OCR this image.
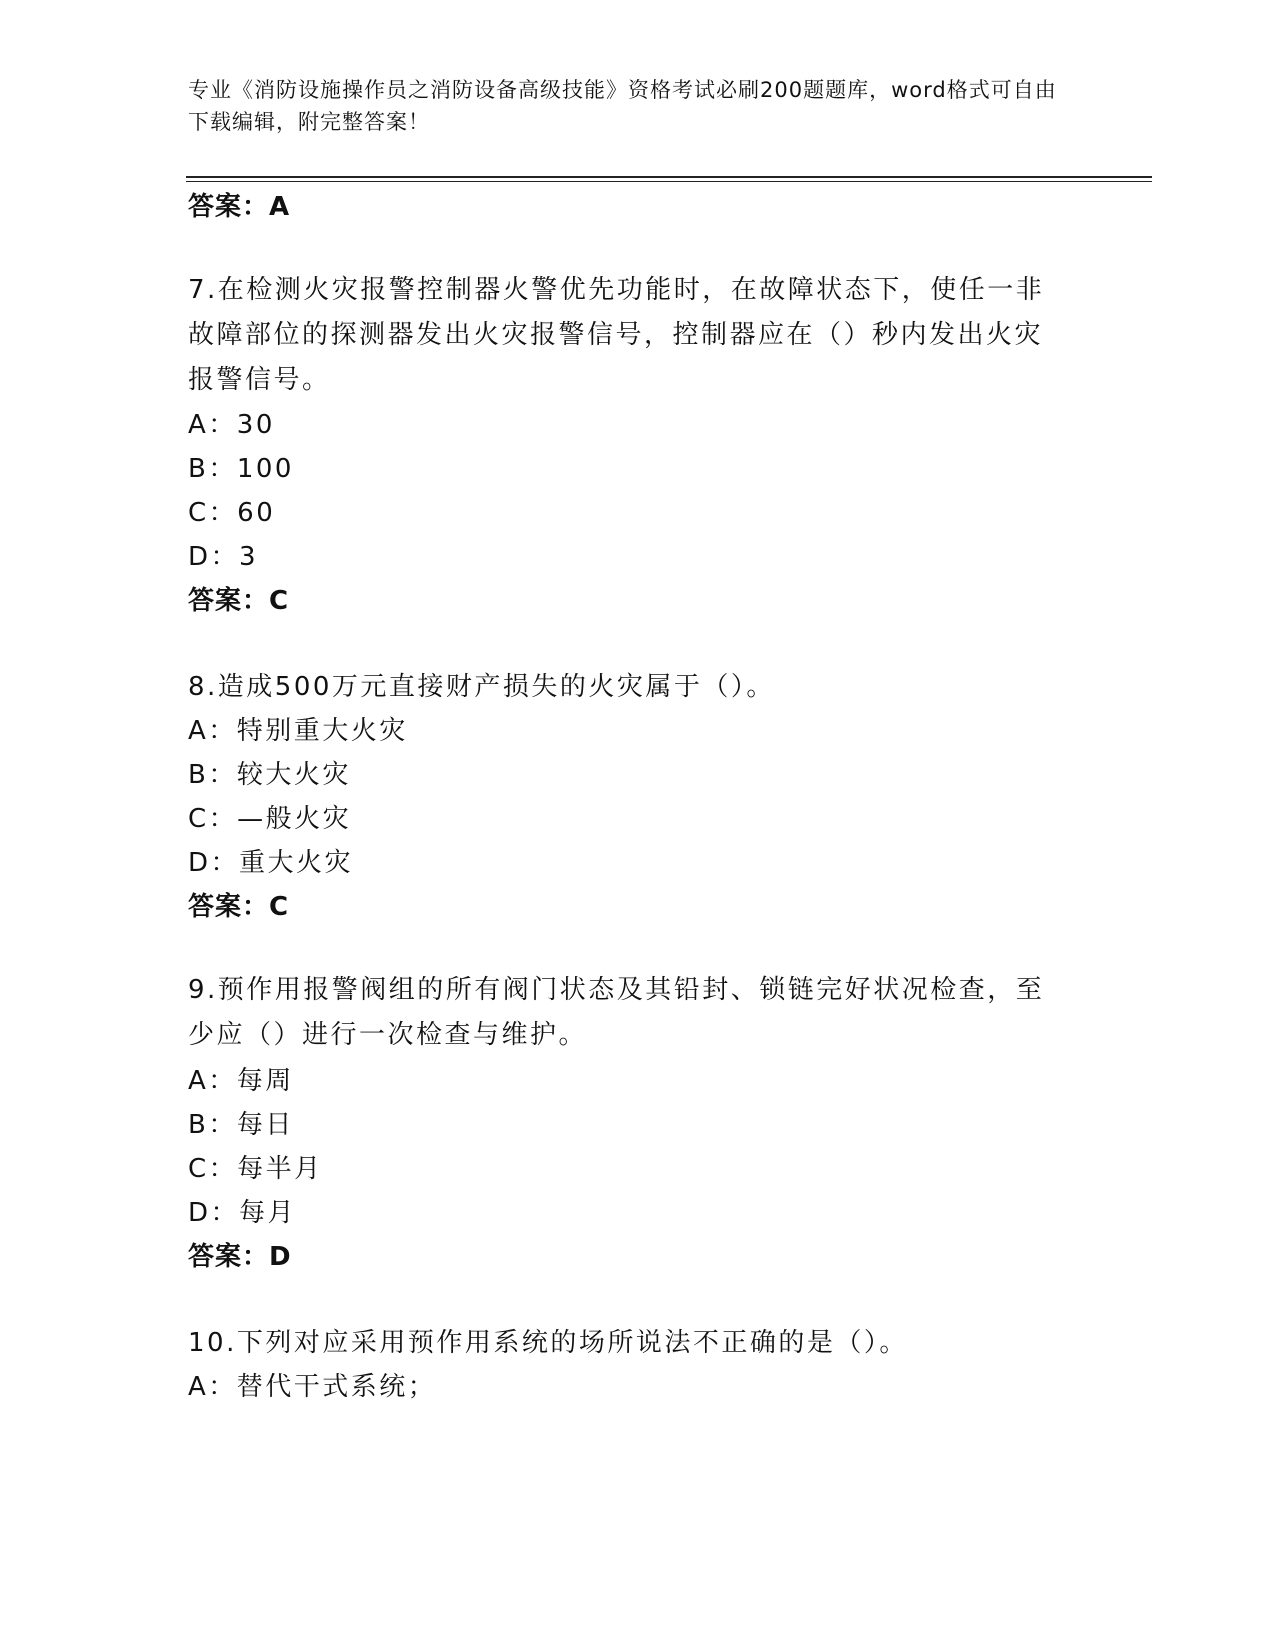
专业《消防设施操作员之消防设备高级技能》资格考试必刷200题题库，word格式可自由下载编辑，附完整答案！
答案：A
7.在检测火灾报警控制器火警优先功能时，在故障状态下，使任一非故障部位的探测器发出火灾报警信号，控制器应在（）秒内发出火灾报警信号。
A：30
B：100
C：60
D：3
答案：C
8.造成500万元直接财产损失的火灾属于（）。
A：特别重大火灾
B：较大火灾
C：—般火灾
D：重大火灾
答案：C
9.预作用报警阀组的所有阀门状态及其铅封、锁链完好状况检查，至少应（）进行一次检查与维护。
A：每周
B：每日
C：每半月
D：每月
答案：D
10.下列对应采用预作用系统的场所说法不正确的是（）。
A：替代干式系统；
